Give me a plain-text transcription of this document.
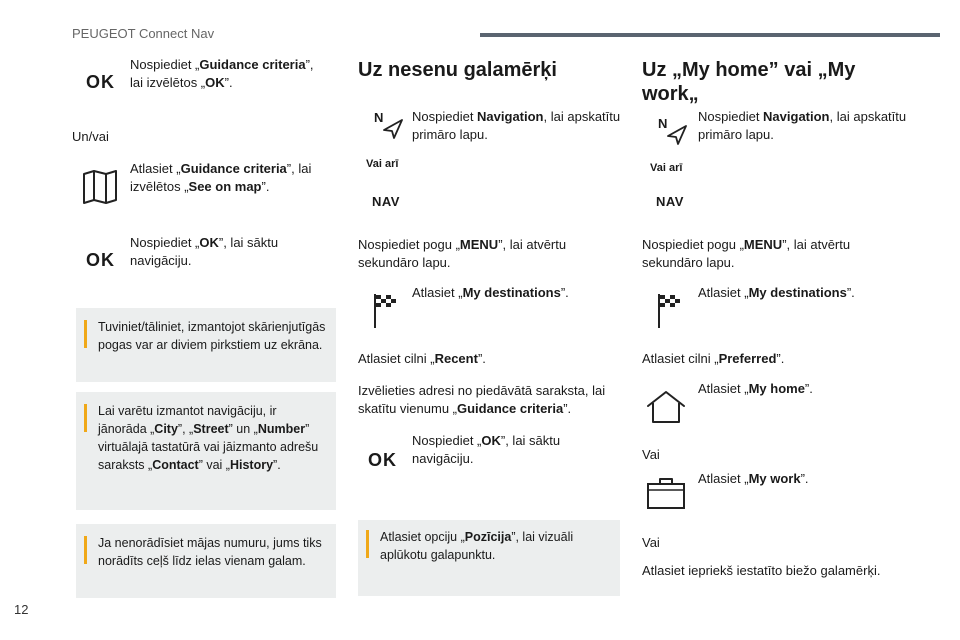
PEUGEOT Connect Nav
12
OK
Nospiediet „Guidance criteria”, lai izvēlētos „OK”.
Un/vai
Atlasiet „Guidance criteria”, lai izvēlētos „See on map”.
OK
Nospiediet „OK”, lai sāktu navigāciju.
Tuviniet/tāliniet, izmantojot skārienjutīgās pogas var ar diviem pirkstiem uz ekrāna.
Lai varētu izmantot navigāciju, ir jānorāda „City”, „Street” un „Number” virtuālajā tastatūrā vai jāizmanto adrešu saraksts „Contact” vai „History”.
Ja nenorādīsiet mājas numuru, jums tiks norādīts ceļš līdz ielas vienam galam.
Uz nesenu galamērķi
N
Vai arī
NAV
Nospiediet Navigation, lai apskatītu primāro lapu.
Nospiediet pogu „MENU”, lai atvērtu sekundāro lapu.
Atlasiet „My destinations”.
Atlasiet cilni „Recent”.
Izvēlieties adresi no piedāvātā saraksta, lai skatītu vienumu „Guidance criteria”.
OK
Nospiediet „OK”, lai sāktu navigāciju.
Atlasiet opciju „Pozīcija”, lai vizuāli aplūkotu galapunktu.
Uz „My home” vai „My work„
N
Vai arī
NAV
Nospiediet Navigation, lai apskatītu primāro lapu.
Nospiediet pogu „MENU”, lai atvērtu sekundāro lapu.
Atlasiet „My destinations”.
Atlasiet cilni „Preferred”.
Atlasiet „My home”.
Vai
Atlasiet „My work”.
Vai
Atlasiet iepriekš iestatīto biežo galamērķi.
